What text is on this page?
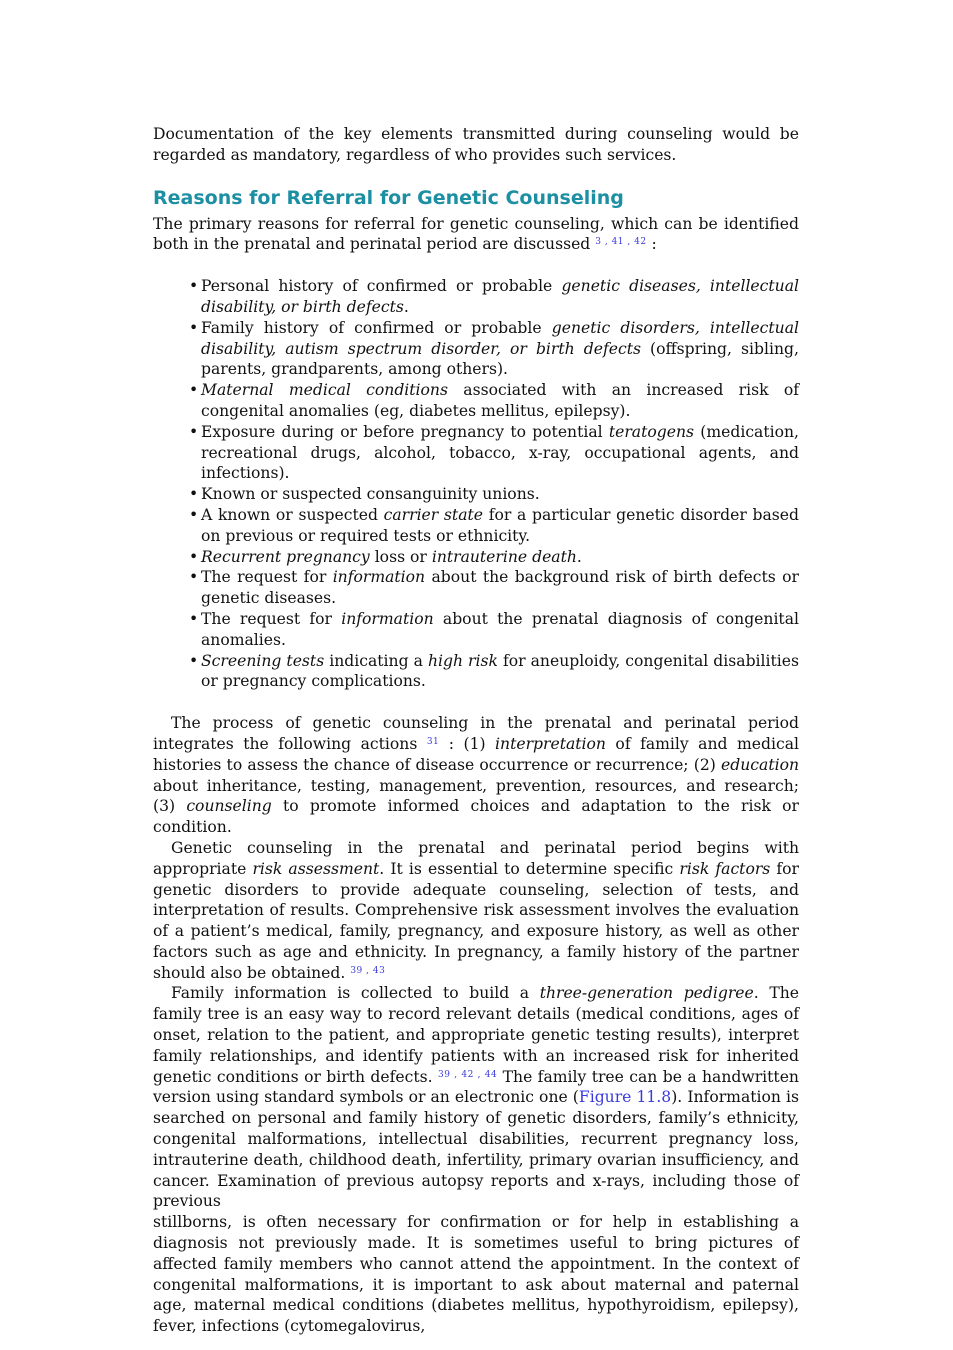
Documentation of the key elements transmitted during counseling would be regarded as mandatory, regardless of who provides such services.

Reasons for Referral for Genetic Counseling

The primary reasons for referral for genetic counseling, which can be identified both in the prenatal and perinatal period are discussed $^{3 , 41 , 42}$ :

• Personal history of confirmed or probable genetic diseases, intellectual disability, or birth defects.
• Family history of confirmed or probable genetic disorders, intellectual disability, autism spectrum disorder, or birth defects (offspring, sibling, parents, grandparents, among others).
• Maternal medical conditions associated with an increased risk of congenital anomalies (eg, diabetes mellitus, epilepsy).
• Exposure during or before pregnancy to potential teratogens (medication, recreational drugs, alcohol, tobacco, x-ray, occupational agents, and infections).
• Known or suspected consanguinity unions.
• A known or suspected carrier state for a particular genetic disorder based on previous or required tests or ethnicity.
• Recurrent pregnancy loss or intrauterine death.
• The request for information about the background risk of birth defects or genetic diseases.
• The request for information about the prenatal diagnosis of congenital anomalies.
• Screening tests indicating a high risk for aneuploidy, congenital disabilities or pregnancy complications.

The process of genetic counseling in the prenatal and perinatal period integrates the following actions $^{31}$ : (1) interpretation of family and medical histories to assess the chance of disease occurrence or recurrence; (2) education about inheritance, testing, management, prevention, resources, and research; (3) counseling to promote informed choices and adaptation to the risk or condition.

Genetic counseling in the prenatal and perinatal period begins with appropriate risk assessment. It is essential to determine specific risk factors for genetic disorders to provide adequate counseling, selection of tests, and interpretation of results. Comprehensive risk assessment involves the evaluation of a patient’s medical, family, pregnancy, and exposure history, as well as other factors such as age and ethnicity. In pregnancy, a family history of the partner should also be obtained. $^{39 , 43}$

Family information is collected to build a three-generation pedigree. The family tree is an easy way to record relevant details (medical conditions, ages of onset, relation to the patient, and appropriate genetic testing results), interpret family relationships, and identify patients with an increased risk for inherited genetic conditions or birth defects. $^{39 , 42 , 44}$ The family tree can be a handwritten version using standard symbols or an electronic one (Figure 11.8). Information is searched on personal and family history of genetic disorders, family’s ethnicity, congenital malformations, intellectual disabilities, recurrent pregnancy loss, intrauterine death, childhood death, infertility, primary ovarian insufficiency, and cancer. Examination of previous autopsy reports and x-rays, including those of previous

stillborns, is often necessary for confirmation or for help in establishing a diagnosis not previously made. It is sometimes useful to bring pictures of affected family members who cannot attend the appointment. In the context of congenital malformations, it is important to ask about maternal and paternal age, maternal medical conditions (diabetes mellitus, hypothyroidism, epilepsy), fever, infections (cytomegalovirus,
